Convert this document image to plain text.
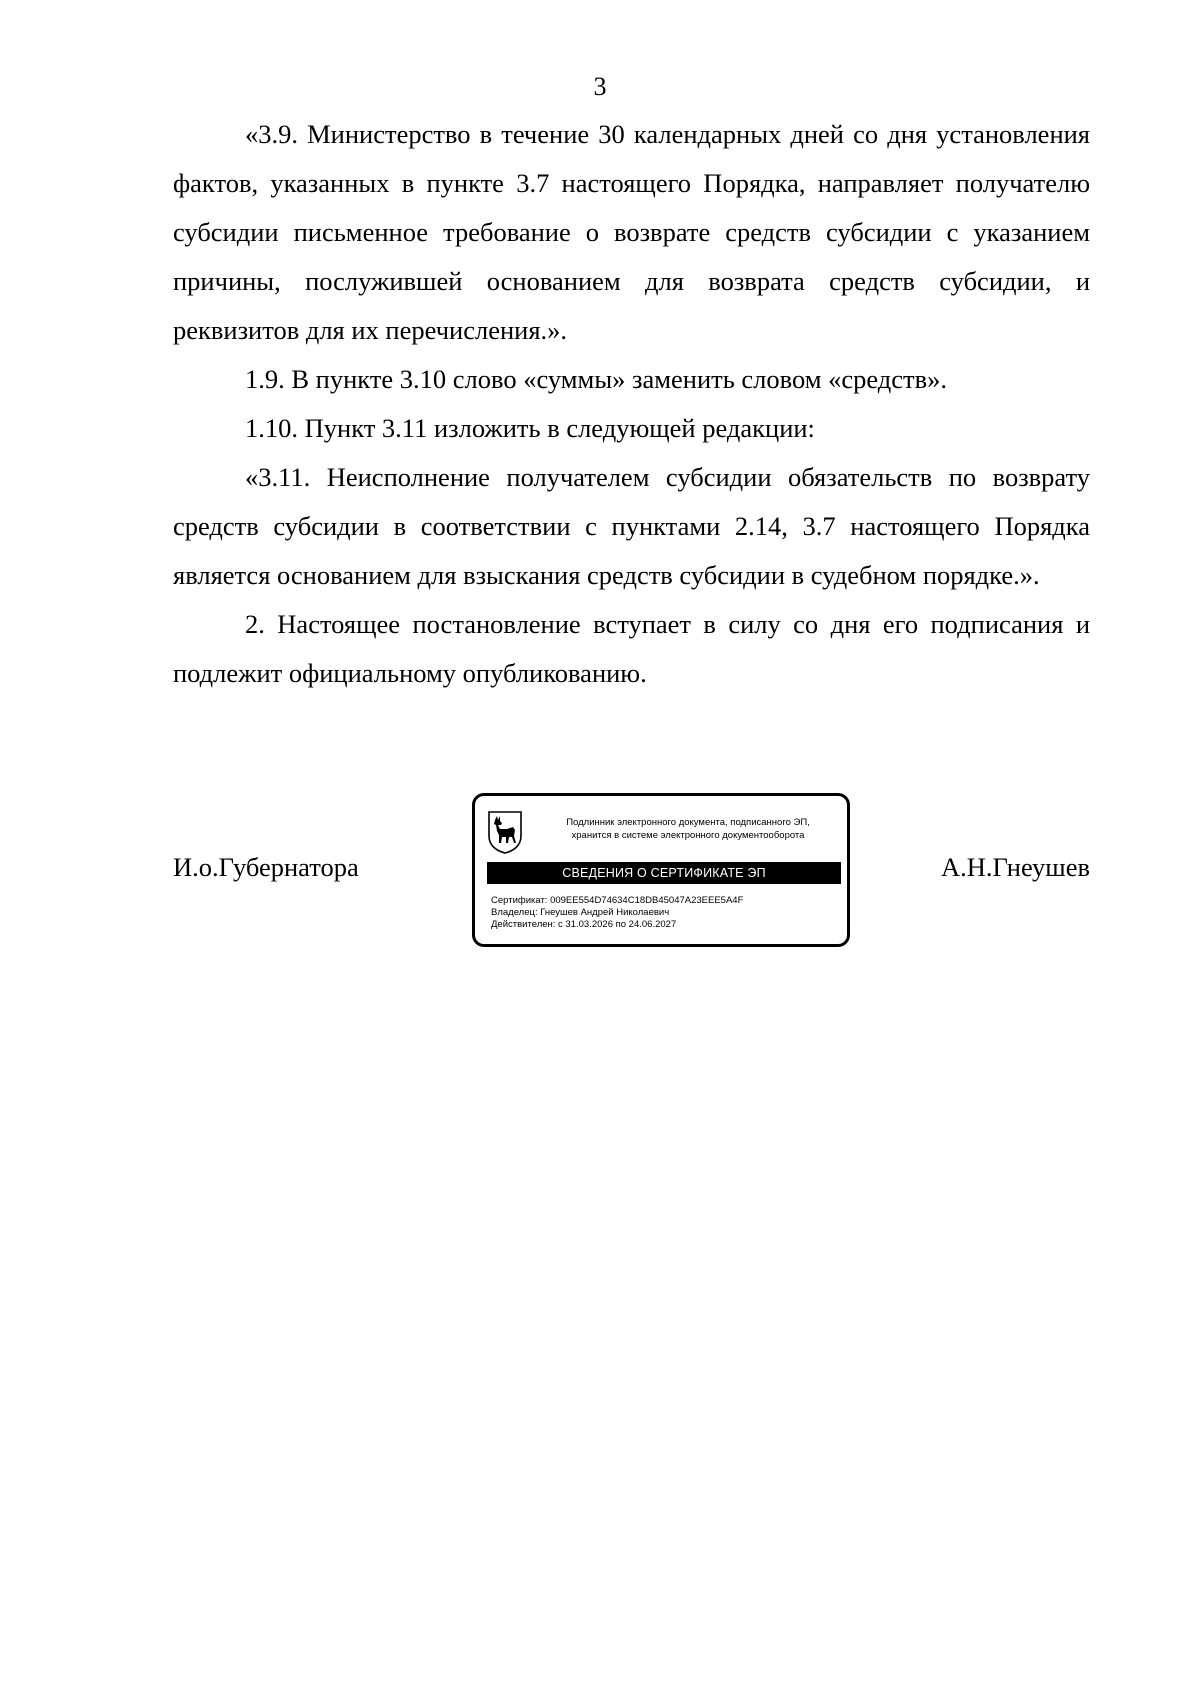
3

«3.9. Министерство в течение 30 календарных дней со дня установления фактов, указанных в пункте 3.7 настоящего Порядка, направляет получателю субсидии письменное требование о возврате средств субсидии с указанием причины, послужившей основанием для возврата средств субсидии, и реквизитов для их перечисления.».

1.9. В пункте 3.10 слово «суммы» заменить словом «средств».

1.10. Пункт 3.11 изложить в следующей редакции:

«3.11. Неисполнение получателем субсидии обязательств по возврату средств субсидии в соответствии с пунктами 2.14, 3.7 настоящего Порядка является основанием для взыскания средств субсидии в судебном порядке.».

2. Настоящее постановление вступает в силу со дня его подписания и подлежит официальному опубликованию.

И.о.Губернатора
Подлинник электронного документа, подписанного ЭП,
хранится в системе электронного документооборота
СВЕДЕНИЯ О СЕРТИФИКАТЕ ЭП
Сертификат: 009EE554D74634C18DB45047A23EEE5A4F
Владелец: Гнеушев Андрей Николаевич
Действителен: с 31.03.2026 по 24.06.2027
А.Н.Гнеушев
